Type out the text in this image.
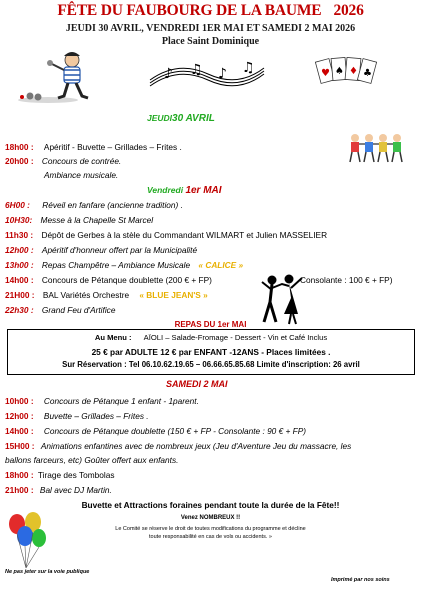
FÊTE DU FAUBOURG DE LA BAUME 2026
JEUDI 30 AVRIL, VENDREDI 1ER MAI ET SAMEDI 2 MAI 2026
Place Saint Dominique
♪ ♫ ♪ ♫	♥ ♠ ♦ ♣
JEUDI30 AVRIL
18h00 : Apéritif - Buvette – Grillades – Frites .
20h00 : Concours de contrée.
Ambiance musicale.
Vendredi 1er MAI
6H00 : Réveil en fanfare (ancienne tradition) .
10H30: Messe à la Chapelle St Marcel
11h30 : Dépôt de Gerbes à la stèle du Commandant WILMART et Julien MASSELIER
12h00 : Apéritif d'honneur offert par la Municipalité
13h00 : Repas Champêtre – Ambiance Musicale « CALICE »
14h00 : Concours de Pétanque doublette (200 € + FP)	Consolante : 100 € + FP)
21H00 : BAL Variétés Orchestre « BLUE JEAN'S »
22h30 : Grand Feu d'Artifice
REPAS DU 1er MAI
Au Menu : AÏOLI – Salade-Fromage - Dessert - Vin et Café Inclus
25 € par ADULTE 12 € par ENFANT -12ANS - Places limitées .
Sur Réservation : Tel 06.10.62.19.65 – 06.66.65.85.68 Limite d'inscription: 26 avril
SAMEDI 2 MAI
10h00 : Concours de Pétanque 1 enfant - 1parent.
12h00 : Buvette – Grillades – Frites .
14h00 : Concours de Pétanque doublette (150 € + FP - Consolante : 90 € + FP)
15H00 : Animations enfantines avec de nombreux jeux (Jeu d'Aventure Jeu du massacre, les
ballons farceurs, etc) Goûter offert aux enfants.
18h00 : Tirage des Tombolas
21h00 : Bal avec DJ Martin.
Buvette et Attractions foraines pendant toute la durée de la Fête!!
Venez NOMBREUX !!
Le Comité se réserve le droit de toutes modifications du programme et décline
toute responsabilité en cas de vols ou accidents. »
Ne pas jeter sur la voie publique
Imprimé par nos soins
